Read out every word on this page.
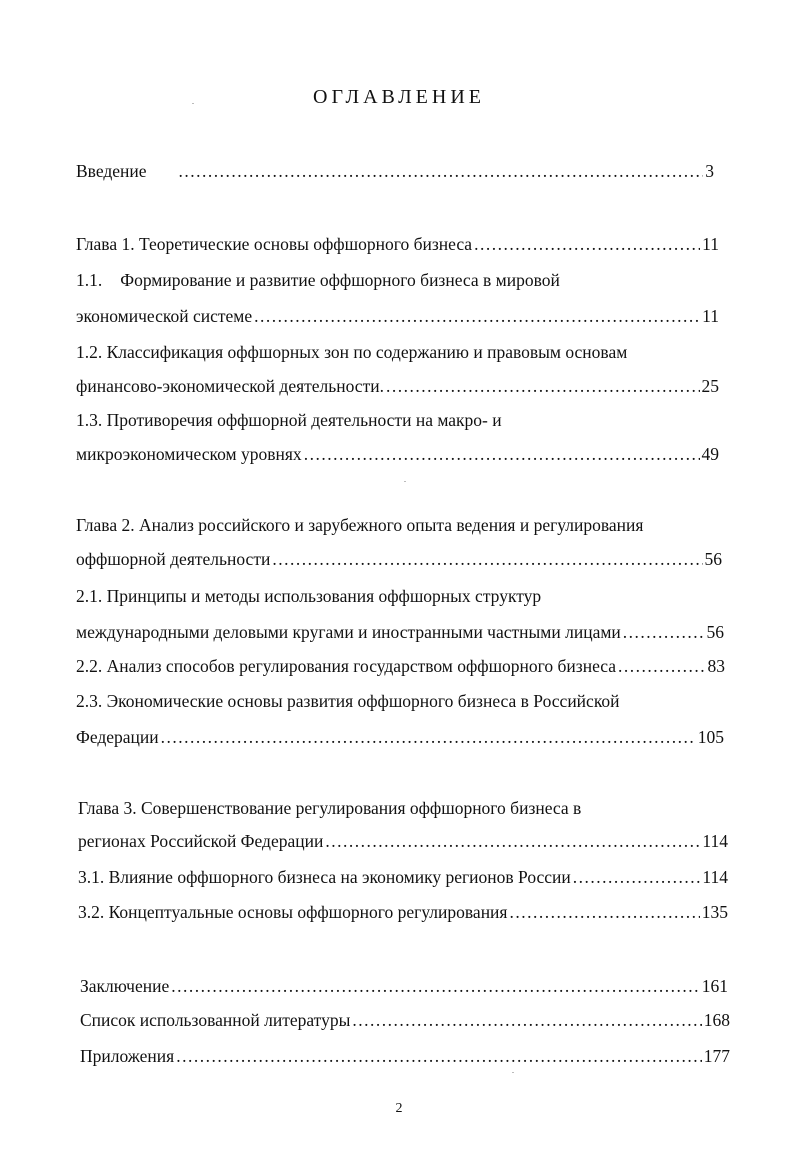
ОГЛАВЛЕНИЕ
Введение .....	3
Глава 1. Теоретические основы оффшорного бизнеса .....	11
1.1. Формирование и развитие оффшорного бизнеса в мировой
экономической системе .....	11
1.2. Классификация оффшорных зон по содержанию и правовым основам
финансово-экономической деятельности. .....	25
1.3. Противоречия оффшорной деятельности на макро- и
микроэкономическом уровнях .....	49
Глава 2. Анализ российского и зарубежного опыта ведения и регулирования
оффшорной деятельности .....	56
2.1. Принципы и методы использования оффшорных структур
международными деловыми кругами и иностранными частными лицами .....	56
2.2. Анализ способов регулирования государством оффшорного бизнеса .....	83
2.3. Экономические основы развития оффшорного бизнеса в Российской
Федерации .....	105
Глава 3. Совершенствование регулирования оффшорного бизнеса в
регионах Российской Федерации .....	114
3.1. Влияние оффшорного бизнеса на экономику регионов России .....	114
3.2. Концептуальные основы оффшорного регулирования .....	135
Заключение .....	161
Список использованной литературы .....	168
Приложения .....	177
2
